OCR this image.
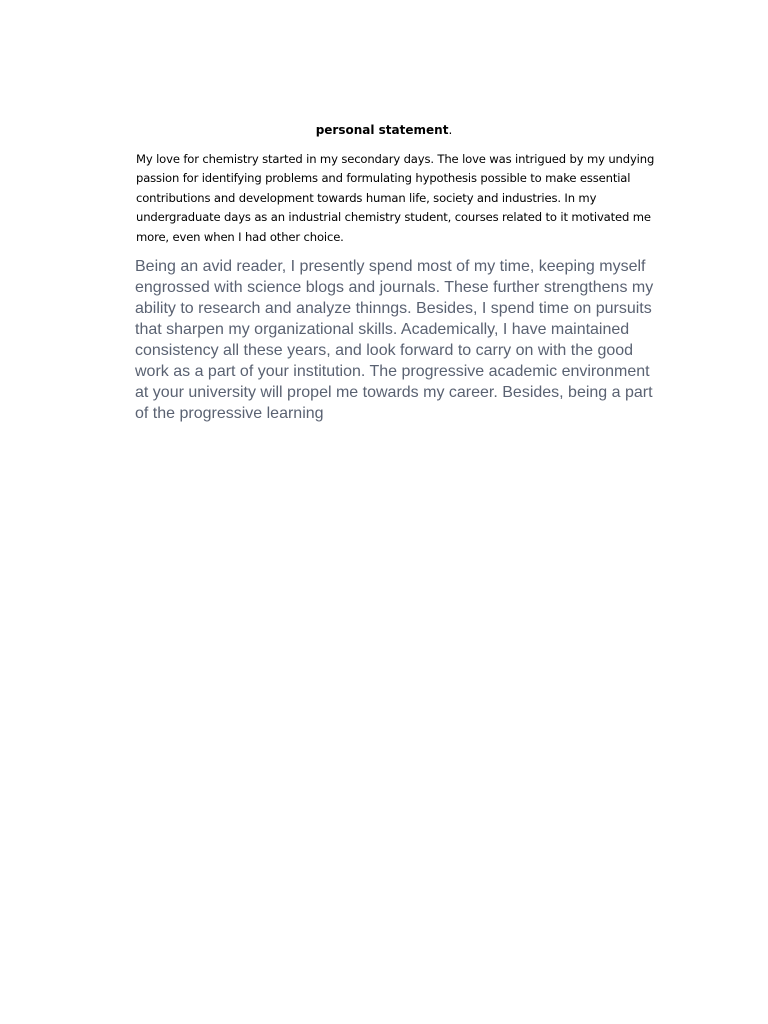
personal statement.
My love for chemistry started in my secondary days. The love was intrigued by my undying
passion for identifying problems and formulating hypothesis possible to make essential
contributions and development towards human life, society and industries. In my
undergraduate days as an industrial chemistry student, courses related to it motivated me
more, even when I had other choice.
Being an avid reader, I presently spend most of my time, keeping myself
engrossed with science blogs and journals. These further strengthens my
ability to research and analyze thinngs. Besides, I spend time on pursuits
that sharpen my organizational skills. Academically, I have maintained
consistency all these years, and look forward to carry on with the good
work as a part of your institution. The progressive academic environment
at your university will propel me towards my career. Besides, being a part
of the progressive learning
